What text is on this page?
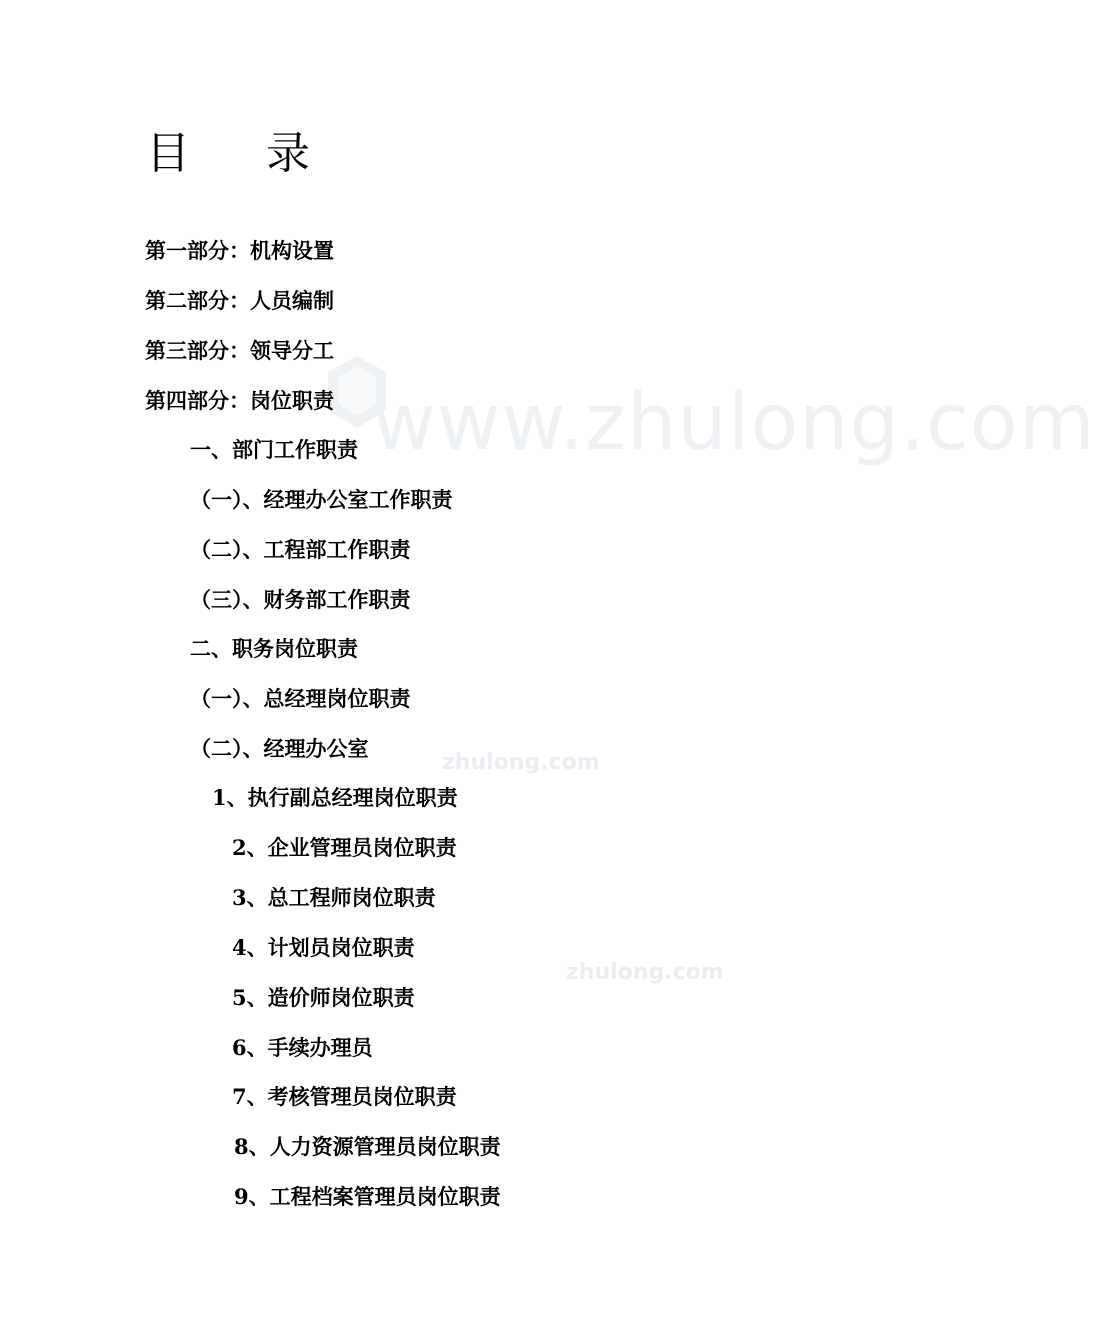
www.zhulong.com
zhulong.com
zhulong.com
目 录
第一部分：机构设置
第二部分：人员编制
第三部分：领导分工
第四部分：岗位职责
一、部门工作职责
（一）、经理办公室工作职责
（二）、工程部工作职责
（三）、财务部工作职责
二、职务岗位职责
（一）、总经理岗位职责
（二）、经理办公室
1、执行副总经理岗位职责
2、企业管理员岗位职责
3、总工程师岗位职责
4、计划员岗位职责
5、造价师岗位职责
6、手续办理员
7、考核管理员岗位职责
8、人力资源管理员岗位职责
9、工程档案管理员岗位职责
